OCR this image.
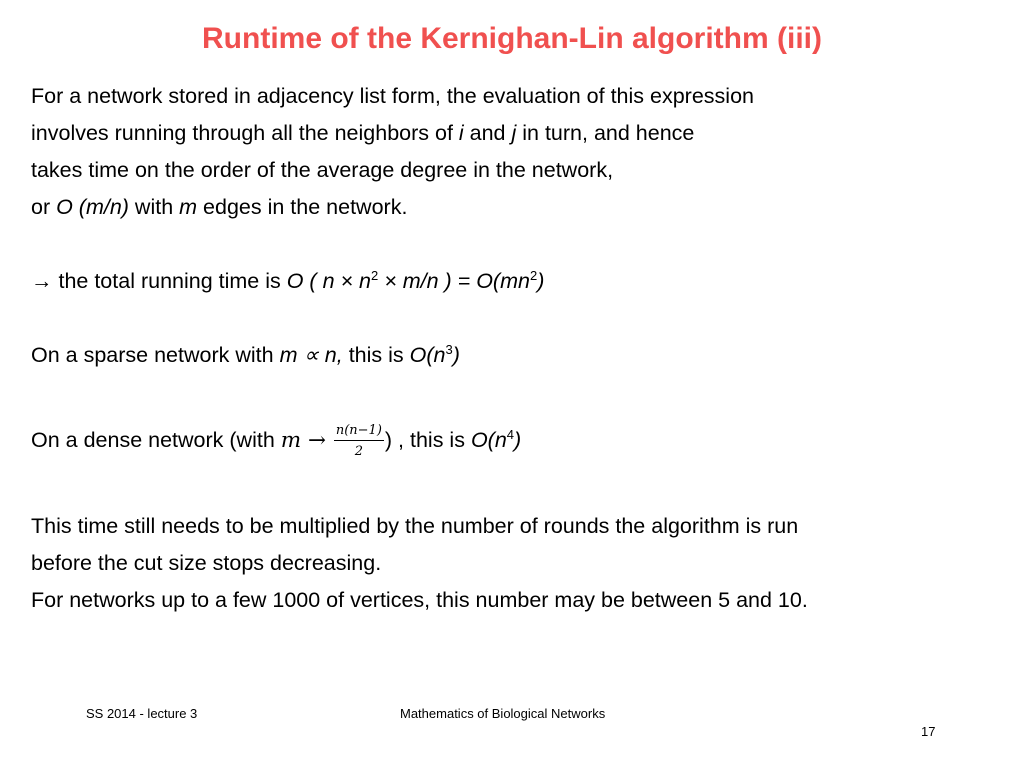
Runtime of the Kernighan-Lin algorithm (iii)

For a network stored in adjacency list form, the evaluation of this expression

involves running through all the neighbors of i and j in turn, and hence

takes time on the order of the average degree in the network,

or O (m/n) with m edges in the network.

→ the total running time is O ( $n \times n^2 \times m/n$ ) = $O(mn^2)$

On a sparse network with m ∝ n, this is $O(n^3)$

On a dense network (with $m \to \frac{n(n-1)}{2}$ ) , this is $O(n^4)$

This time still needs to be multiplied by the number of rounds the algorithm is run

before the cut size stops decreasing.

For networks up to a few 1000 of vertices, this number may be between 5 and 10.

SS 2014 - lecture 3	Mathematics of Biological Networks
17
